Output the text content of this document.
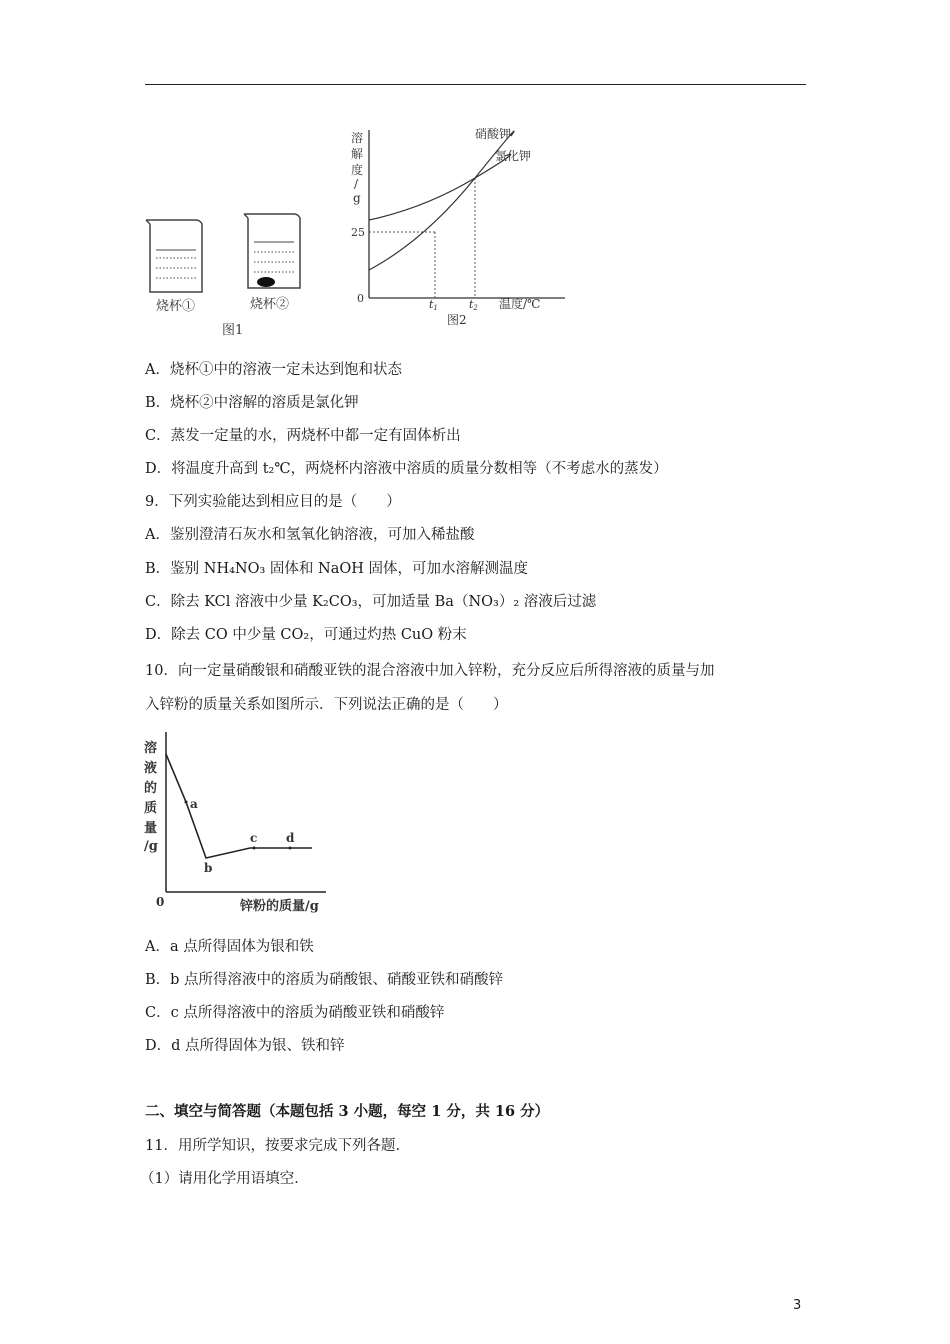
烧杯①	烧杯②
图1
溶
解
度
/
g
25
0
硝酸钾
氯化钾
t1	t2 温度/℃
图2
A．烧杯①中的溶液一定未达到饱和状态
B．烧杯②中溶解的溶质是氯化钾
C．蒸发一定量的水，两烧杯中都一定有固体析出
D．将温度升高到 t₂℃，两烧杯内溶液中溶质的质量分数相等（不考虑水的蒸发）
9．下列实验能达到相应目的是（　　）
A．鉴别澄清石灰水和氢氧化钠溶液，可加入稀盐酸
B．鉴别 NH₄NO₃ 固体和 NaOH 固体，可加水溶解测温度
C．除去 KCl 溶液中少量 K₂CO₃，可加适量 Ba（NO₃）₂ 溶液后过滤
D．除去 CO 中少量 CO₂，可通过灼热 CuO 粉末
10．向一定量硝酸银和硝酸亚铁的混合溶液中加入锌粉，充分反应后所得溶液的质量与加
入锌粉的质量关系如图所示．下列说法正确的是（　　）
溶
液
的
质
量
/g
0
a
b
c d
锌粉的质量/g
A．a 点所得固体为银和铁
B．b 点所得溶液中的溶质为硝酸银、硝酸亚铁和硝酸锌
C．c 点所得溶液中的溶质为硝酸亚铁和硝酸锌
D．d 点所得固体为银、铁和锌
二、填空与简答题（本题包括 3 小题，每空 1 分，共 16 分）
11．用所学知识，按要求完成下列各题．
（1）请用化学用语填空．
3
